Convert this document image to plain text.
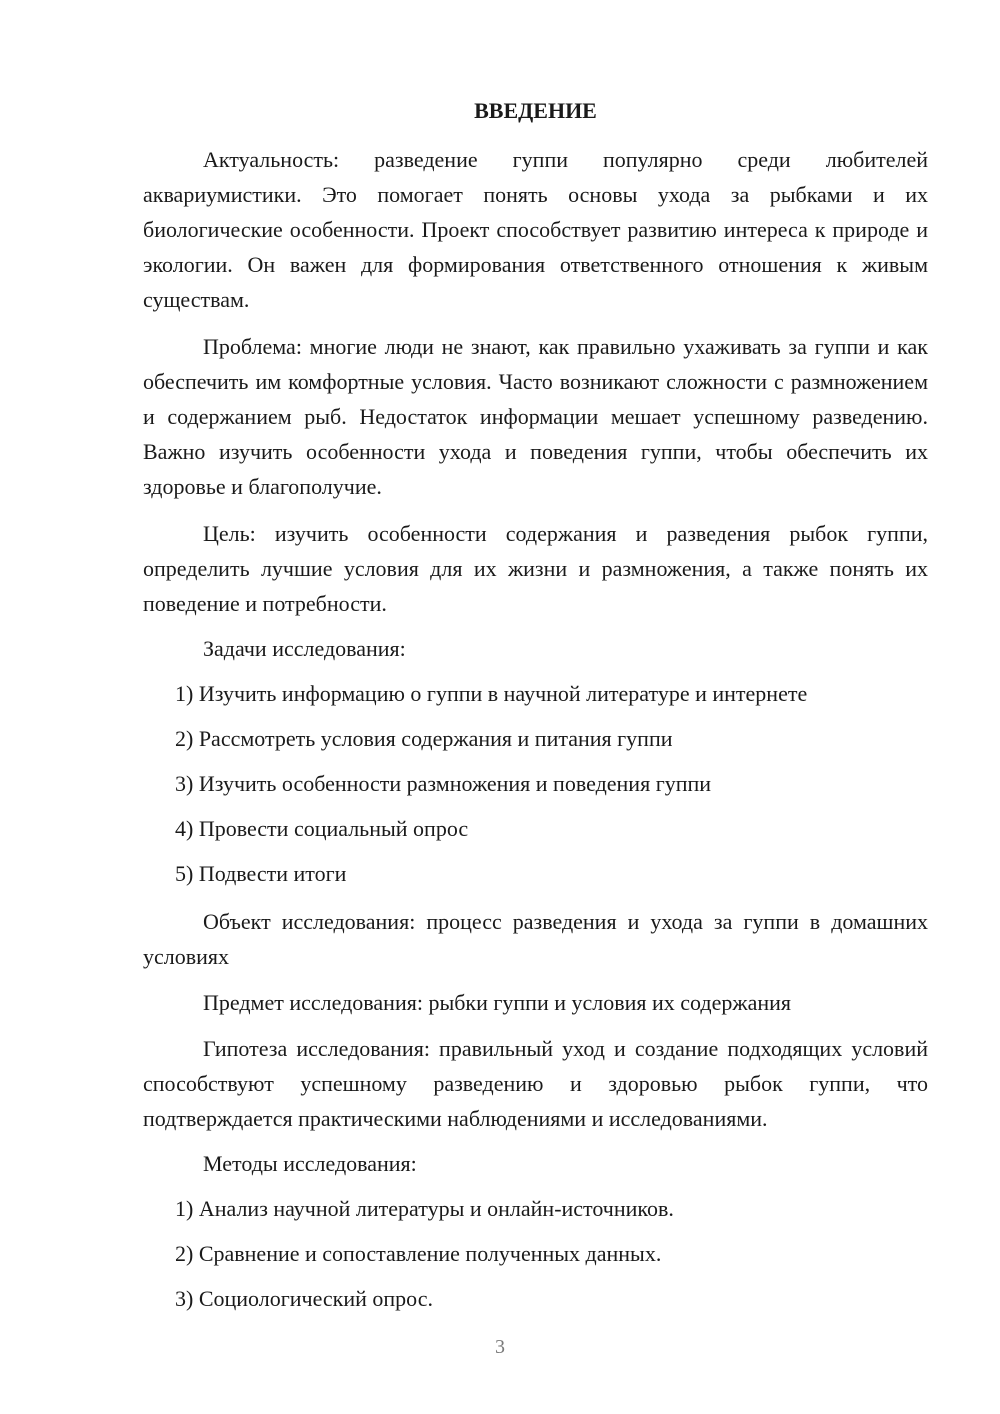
ВВЕДЕНИЕ

Актуальность: разведение гуппи популярно среди любителей аквариумистики. Это помогает понять основы ухода за рыбками и их биологические особенности. Проект способствует развитию интереса к природе и экологии. Он важен для формирования ответственного отношения к живым существам.

Проблема: многие люди не знают, как правильно ухаживать за гуппи и как обеспечить им комфортные условия. Часто возникают сложности с размножением и содержанием рыб. Недостаток информации мешает успешному разведению. Важно изучить особенности ухода и поведения гуппи, чтобы обеспечить их здоровье и благополучие.

Цель: изучить особенности содержания и разведения рыбок гуппи, определить лучшие условия для их жизни и размножения, а также понять их поведение и потребности.

Задачи исследования:

1) Изучить информацию о гуппи в научной литературе и интернете

2) Рассмотреть условия содержания и питания гуппи

3) Изучить особенности размножения и поведения гуппи

4) Провести социальный опрос

5) Подвести итоги

Объект исследования: процесс разведения и ухода за гуппи в домашних условиях

Предмет исследования: рыбки гуппи и условия их содержания

Гипотеза исследования: правильный уход и создание подходящих условий способствуют успешному разведению и здоровью рыбок гуппи, что подтверждается практическими наблюдениями и исследованиями.

Методы исследования:

1) Анализ научной литературы и онлайн-источников.

2) Сравнение и сопоставление полученных данных.

3) Социологический опрос.

3
